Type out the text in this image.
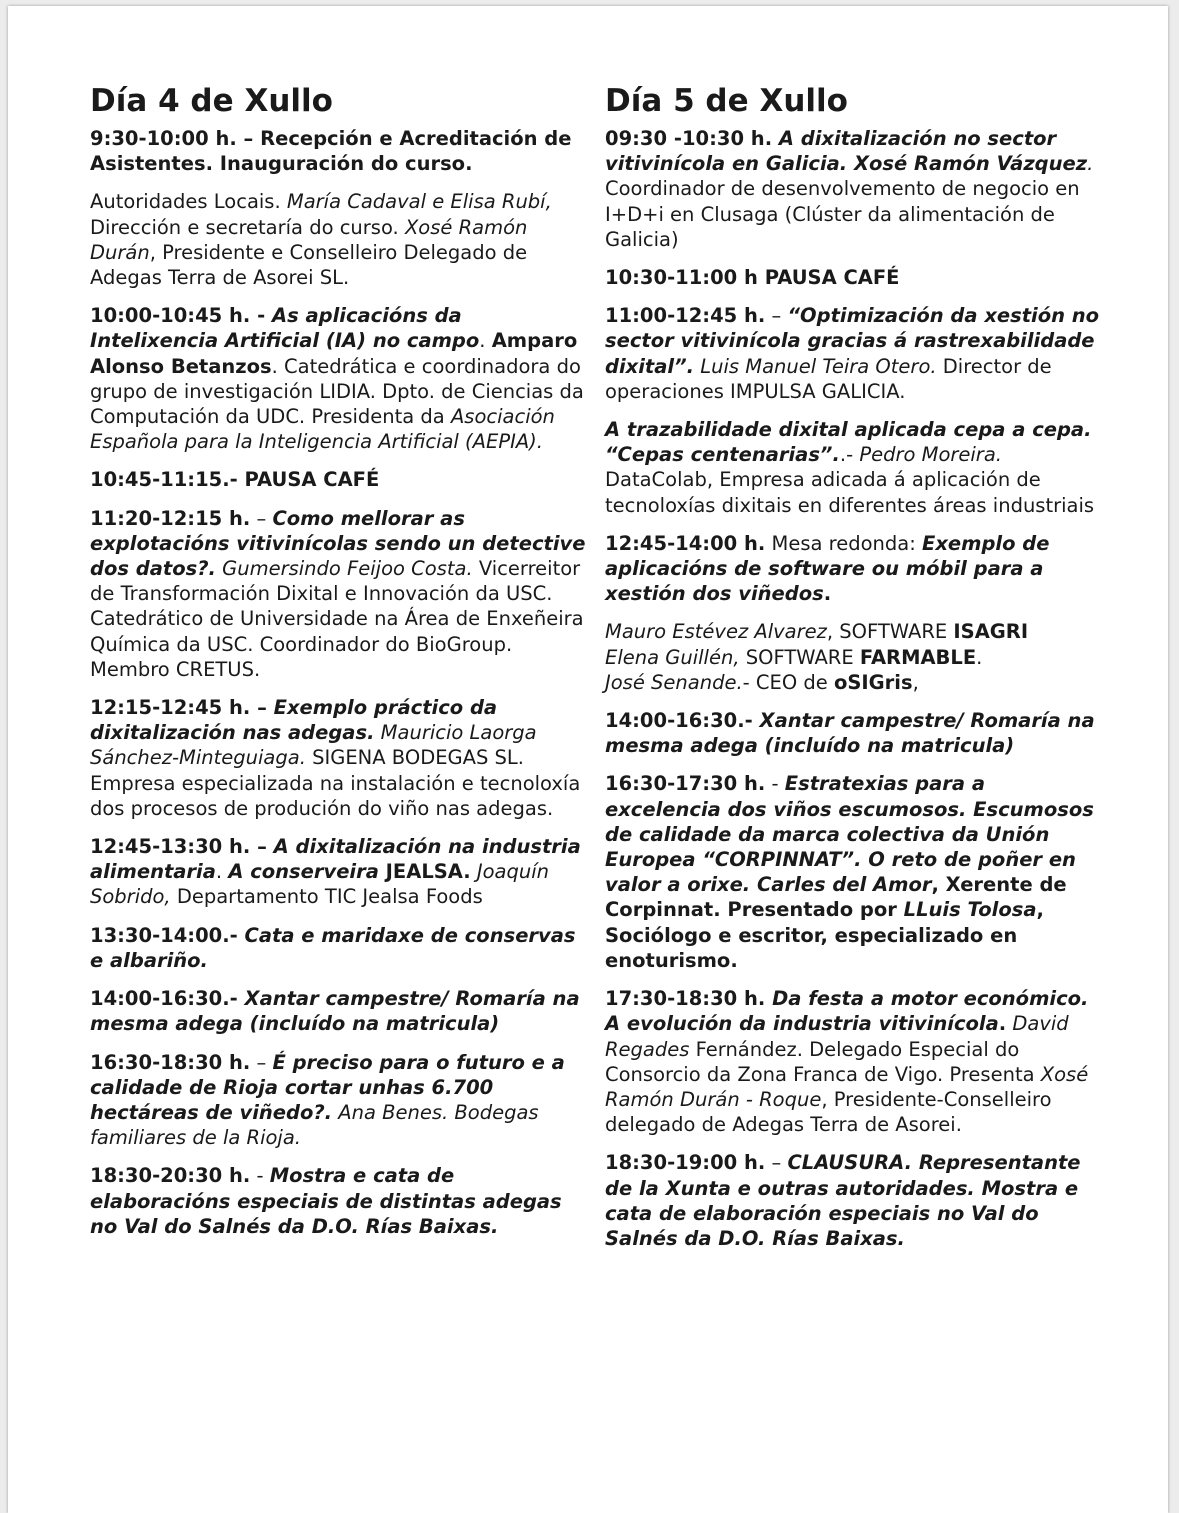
Día 4 de Xullo

9:30-10:00 h. – Recepción e Acreditación de Asistentes. Inauguración do curso.

Autoridades Locais. María Cadaval e Elisa Rubí, Dirección e secretaría do curso. Xosé Ramón Durán, Presidente e Conselleiro Delegado de Adegas Terra de Asorei SL.

10:00-10:45 h. - As aplicacións da Intelixencia Artificial (IA) no campo. Amparo Alonso Betanzos. Catedrática e coordinadora do grupo de investigación LIDIA. Dpto. de Ciencias da Computación da UDC. Presidenta da Asociación Española para la Inteligencia Artificial (AEPIA).

10:45-11:15.- PAUSA CAFÉ

11:20-12:15 h. – Como mellorar as explotacións vitivinícolas sendo un detective dos datos?. Gumersindo Feijoo Costa. Vicerreitor de Transformación Dixital e Innovación da USC. Catedrático de Universidade na Área de Enxeñeira Química da USC. Coordinador do BioGroup. Membro CRETUS.

12:15-12:45 h. – Exemplo práctico da dixitalización nas adegas. Mauricio Laorga Sánchez-Minteguiaga. SIGENA BODEGAS SL. Empresa especializada na instalación e tecnoloxía dos procesos de produción do viño nas adegas.

12:45-13:30 h. – A dixitalización na industria alimentaria. A conserveira JEALSA. Joaquín Sobrido, Departamento TIC Jealsa Foods

13:30-14:00.- Cata e maridaxe de conservas e albariño.

14:00-16:30.- Xantar campestre/ Romaría na mesma adega (incluído na matricula)

16:30-18:30 h. – É preciso para o futuro e a calidade de Rioja cortar unhas 6.700 hectáreas de viñedo?. Ana Benes. Bodegas familiares de la Rioja.

18:30-20:30 h. - Mostra e cata de elaboracións especiais de distintas adegas no Val do Salnés da D.O. Rías Baixas.

Día 5 de Xullo

09:30 -10:30 h. A dixitalización no sector vitivinícola en Galicia. Xosé Ramón Vázquez. Coordinador de desenvolvemento de negocio en I+D+i en Clusaga (Clúster da alimentación de Galicia)

10:30-11:00 h PAUSA CAFÉ

11:00-12:45 h. – “Optimización da xestión no sector vitivinícola gracias á rastrexabilidade dixital”. Luis Manuel Teira Otero. Director de operaciones IMPULSA GALICIA.

A trazabilidade dixital aplicada cepa a cepa. “Cepas centenarias”..- Pedro Moreira. DataColab, Empresa adicada á aplicación de tecnoloxías dixitais en diferentes áreas industriais

12:45-14:00 h. Mesa redonda: Exemplo de aplicacións de software ou móbil para a xestión dos viñedos.

Mauro Estévez Alvarez, SOFTWARE ISAGRI
Elena Guillén, SOFTWARE FARMABLE.
José Senande.- CEO de oSIGris,

14:00-16:30.- Xantar campestre/ Romaría na mesma adega (incluído na matricula)

16:30-17:30 h. - Estratexias para a excelencia dos viños escumosos. Escumosos de calidade da marca colectiva da Unión Europea “CORPINNAT”. O reto de poñer en valor a orixe. Carles del Amor, Xerente de Corpinnat. Presentado por LLuis Tolosa, Sociólogo e escritor, especializado en enoturismo.

17:30-18:30 h. Da festa a motor económico. A evolución da industria vitivinícola. David Regades Fernández. Delegado Especial do Consorcio da Zona Franca de Vigo. Presenta Xosé Ramón Durán - Roque, Presidente-Conselleiro delegado de Adegas Terra de Asorei.

18:30-19:00 h. – CLAUSURA. Representante de la Xunta e outras autoridades. Mostra e cata de elaboración especiais no Val do Salnés da D.O. Rías Baixas.
